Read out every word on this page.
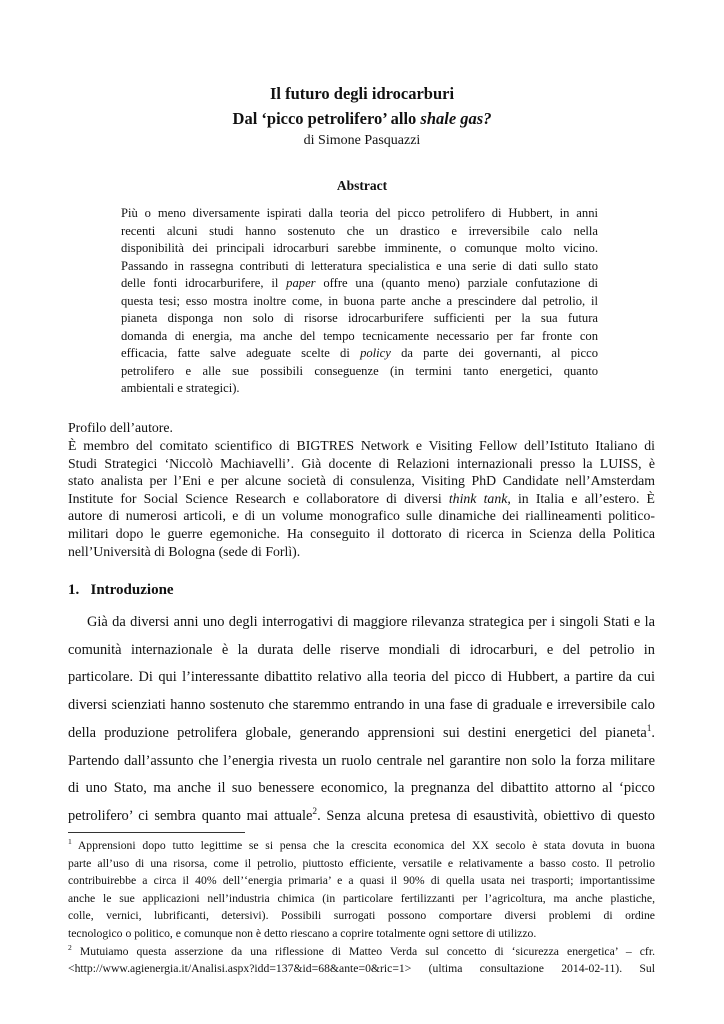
Il futuro degli idrocarburi
Dal ‘picco petrolifero’ allo shale gas?
di Simone Pasquazzi
Abstract
Più o meno diversamente ispirati dalla teoria del picco petrolifero di Hubbert, in anni
recenti alcuni studi hanno sostenuto che un drastico e irreversibile calo nella
disponibilità dei principali idrocarburi sarebbe imminente, o comunque molto vicino.
Passando in rassegna contributi di letteratura specialistica e una serie di dati sullo stato
delle fonti idrocarburifere, il paper offre una (quanto meno) parziale confutazione di
questa tesi; esso mostra inoltre come, in buona parte anche a prescindere dal petrolio, il
pianeta disponga non solo di risorse idrocarburifere sufficienti per la sua futura
domanda di energia, ma anche del tempo tecnicamente necessario per far fronte con
efficacia, fatte salve adeguate scelte di policy da parte dei governanti, al picco
petrolifero e alle sue possibili conseguenze (in termini tanto energetici, quanto
ambientali e strategici).
Profilo dell’autore.
È membro del comitato scientifico di BIGTRES Network e Visiting Fellow dell’Istituto Italiano di
Studi Strategici ‘Niccolò Machiavelli’. Già docente di Relazioni internazionali presso la LUISS, è
stato analista per l’Eni e per alcune società di consulenza, Visiting PhD Candidate nell’Amsterdam
Institute for Social Science Research e collaboratore di diversi think tank, in Italia e all’estero. È
autore di numerosi articoli, e di un volume monografico sulle dinamiche dei riallineamenti politico-
militari dopo le guerre egemoniche. Ha conseguito il dottorato di ricerca in Scienza della Politica
nell’Università di Bologna (sede di Forlì).
1.   Introduzione
Già da diversi anni uno degli interrogativi di maggiore rilevanza strategica per i singoli Stati e la
comunità internazionale è la durata delle riserve mondiali di idrocarburi, e del petrolio in
particolare. Di qui l’interessante dibattito relativo alla teoria del picco di Hubbert, a partire da cui
diversi scienziati hanno sostenuto che staremmo entrando in una fase di graduale e irreversibile calo
della produzione petrolifera globale, generando apprensioni sui destini energetici del pianeta$^1$.
Partendo dall’assunto che l’energia rivesta un ruolo centrale nel garantire non solo la forza militare
di uno Stato, ma anche il suo benessere economico, la pregnanza del dibattito attorno al ‘picco
petrolifero’ ci sembra quanto mai attuale$^2$. Senza alcuna pretesa di esaustività, obiettivo di questo
$^1$ Apprensioni dopo tutto legittime se si pensa che la crescita economica del XX secolo è stata dovuta in buona
parte all’uso di una risorsa, come il petrolio, piuttosto efficiente, versatile e relativamente a basso costo. Il petrolio
contribuirebbe a circa il 40% dell’‘energia primaria’ e a quasi il 90% di quella usata nei trasporti; importantissime
anche le sue applicazioni nell’industria chimica (in particolare fertilizzanti per l’agricoltura, ma anche plastiche,
colle, vernici, lubrificanti, detersivi). Possibili surrogati possono comportare diversi problemi di ordine
tecnologico o politico, e comunque non è detto riescano a coprire totalmente ogni settore di utilizzo.
$^2$ Mutuiamo questa asserzione da una riflessione di Matteo Verda sul concetto di ‘sicurezza energetica’ – cfr.
<http://www.agienergia.it/Analisi.aspx?idd=137&id=68&ante=0&ric=1> (ultima consultazione 2014-02-11). Sul
